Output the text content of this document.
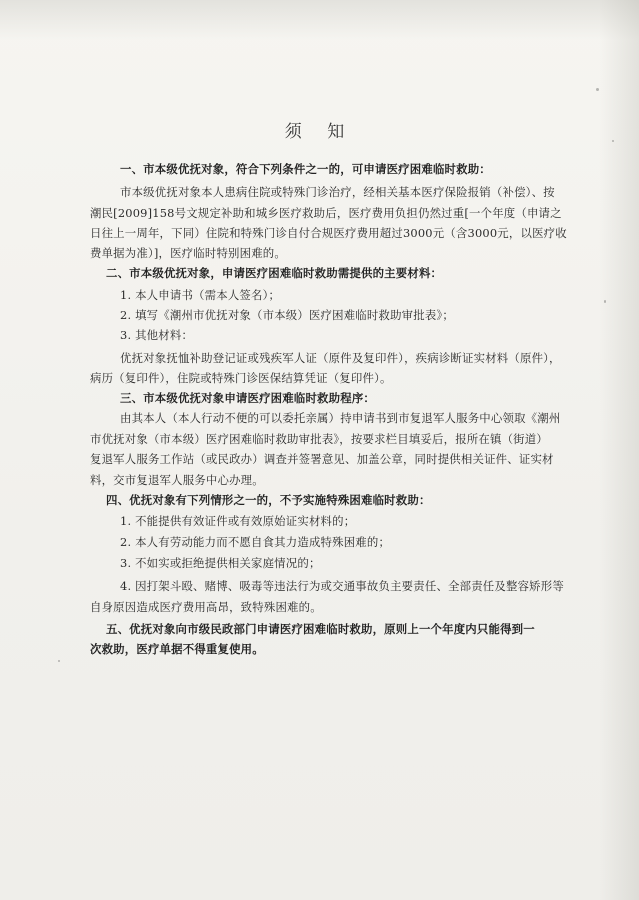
须 知
一、市本级优抚对象，符合下列条件之一的，可申请医疗困难临时救助：
市本级优抚对象本人患病住院或特殊门诊治疗，经相关基本医疗保险报销（补偿）、按
潮民[2009]158号文规定补助和城乡医疗救助后，医疗费用负担仍然过重[一个年度（申请之
日往上一周年，下同）住院和特殊门诊自付合规医疗费用超过3000元（含3000元，以医疗收
费单据为准）]，医疗临时特别困难的。
二、市本级优抚对象，申请医疗困难临时救助需提供的主要材料：
1. 本人申请书（需本人签名）；
2. 填写《潮州市优抚对象（市本级）医疗困难临时救助审批表》；
3. 其他材料：
优抚对象抚恤补助登记证或残疾军人证（原件及复印件），疾病诊断证实材料（原件），
病历（复印件），住院或特殊门诊医保结算凭证（复印件）。
三、市本级优抚对象申请医疗困难临时救助程序：
由其本人（本人行动不便的可以委托亲属）持申请书到市复退军人服务中心领取《潮州
市优抚对象（市本级）医疗困难临时救助审批表》，按要求栏目填妥后，报所在镇（街道）
复退军人服务工作站（或民政办）调查并签署意见、加盖公章，同时提供相关证件、证实材
料，交市复退军人服务中心办理。
四、优抚对象有下列情形之一的，不予实施特殊困难临时救助：
1. 不能提供有效证件或有效原始证实材料的；
2. 本人有劳动能力而不愿自食其力造成特殊困难的；
3. 不如实或拒绝提供相关家庭情况的；
4. 因打架斗殴、赌博、吸毒等违法行为或交通事故负主要责任、全部责任及整容矫形等
自身原因造成医疗费用高昂，致特殊困难的。
五、优抚对象向市级民政部门申请医疗困难临时救助，原则上一个年度内只能得到一
次救助，医疗单据不得重复使用。
